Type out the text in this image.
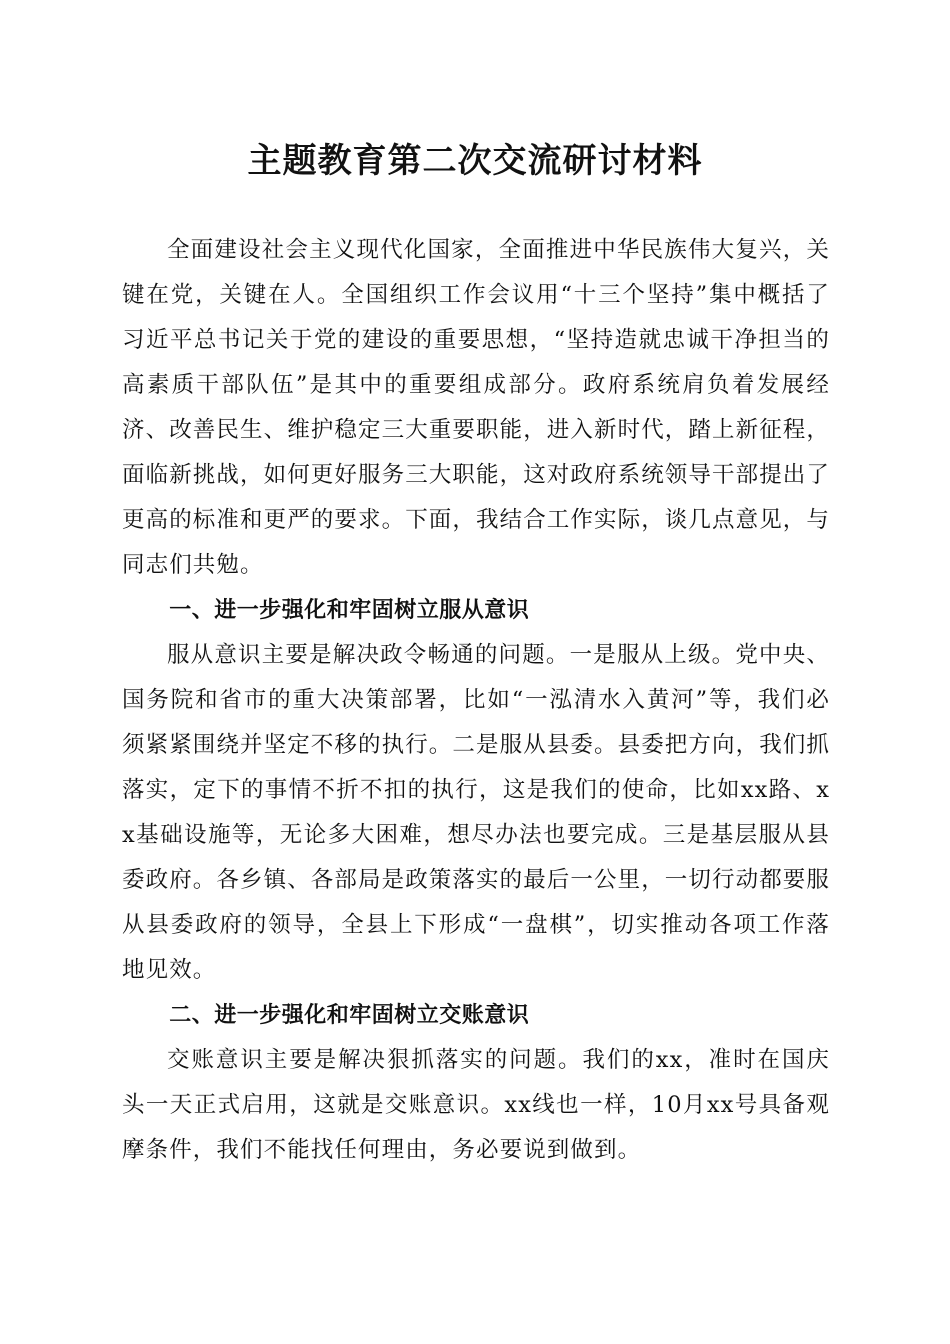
主题教育第二次交流研讨材料

全面建设社会主义现代化国家，全面推进中华民族伟大复兴，关键在党，关键在人。全国组织工作会议用“十三个坚持”集中概括了习近平总书记关于党的建设的重要思想，“坚持造就忠诚干净担当的高素质干部队伍”是其中的重要组成部分。政府系统肩负着发展经济、改善民生、维护稳定三大重要职能，进入新时代，踏上新征程，面临新挑战，如何更好服务三大职能，这对政府系统领导干部提出了更高的标准和更严的要求。下面，我结合工作实际，谈几点意见，与同志们共勉。

一、进一步强化和牢固树立服从意识

服从意识主要是解决政令畅通的问题。一是服从上级。党中央、国务院和省市的重大决策部署，比如“一泓清水入黄河”等，我们必须紧紧围绕并坚定不移的执行。二是服从县委。县委把方向，我们抓落实，定下的事情不折不扣的执行，这是我们的使命，比如xx路、xx基础设施等，无论多大困难，想尽办法也要完成。三是基层服从县委政府。各乡镇、各部局是政策落实的最后一公里，一切行动都要服从县委政府的领导，全县上下形成“一盘棋”，切实推动各项工作落地见效。

二、进一步强化和牢固树立交账意识

交账意识主要是解决狠抓落实的问题。我们的xx，准时在国庆头一天正式启用，这就是交账意识。xx线也一样，10月xx号具备观摩条件，我们不能找任何理由，务必要说到做到。
